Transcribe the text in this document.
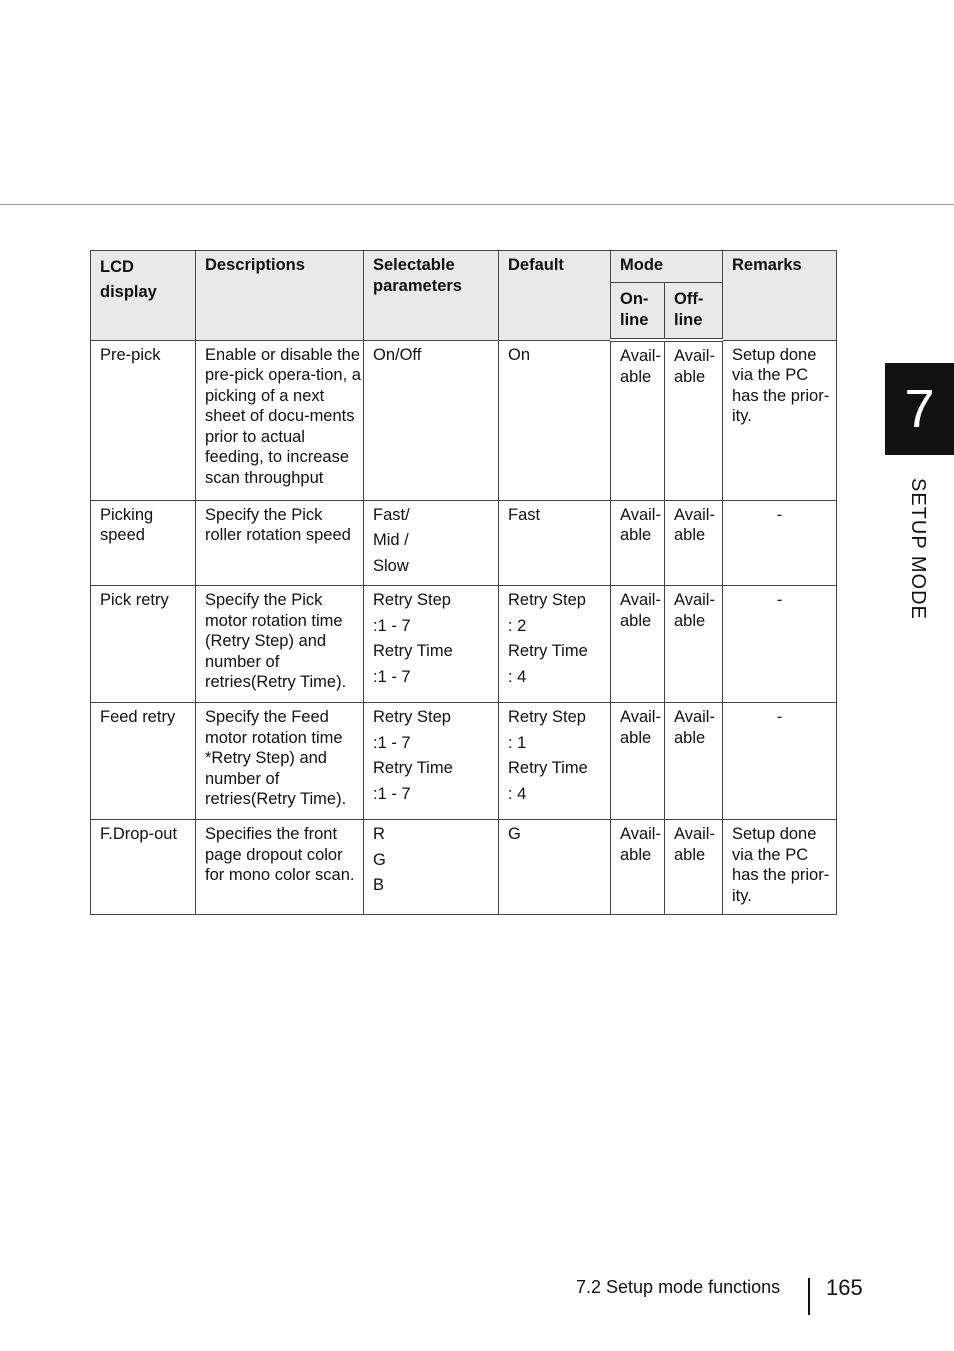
7
SETUP MODE
LCD display	Descriptions	Selectable parameters	Default	Mode		Remarks
				On-line	Off-line	
Pre-pick	Enable or disable the pre-pick opera-tion, a picking of a next sheet of docu-ments prior to actual feeding, to increase scan throughput	On/Off	On	Avail-able	Avail-able	Setup done via the PC has the prior-ity.
Picking speed	Specify the Pick roller rotation speed	Fast/
Mid /
Slow	Fast	Avail-able	Avail-able	-
Pick retry	Specify the Pick motor rotation time (Retry Step) and number of retries(Retry Time).	Retry Step
:1 - 7
Retry Time
:1 - 7	Retry Step
: 2
Retry Time
: 4	Avail-able	Avail-able	-
Feed retry	Specify the Feed motor rotation time *Retry Step) and number of retries(Retry Time).	Retry Step
:1 - 7
Retry Time
:1 - 7	Retry Step
: 1
Retry Time
: 4	Avail-able	Avail-able	-
F.Drop-out	Specifies the front page dropout color for mono color scan.	R
G
B	G	Avail-able	Avail-able	Setup done via the PC has the prior-ity.
7.2 Setup mode functions 165
